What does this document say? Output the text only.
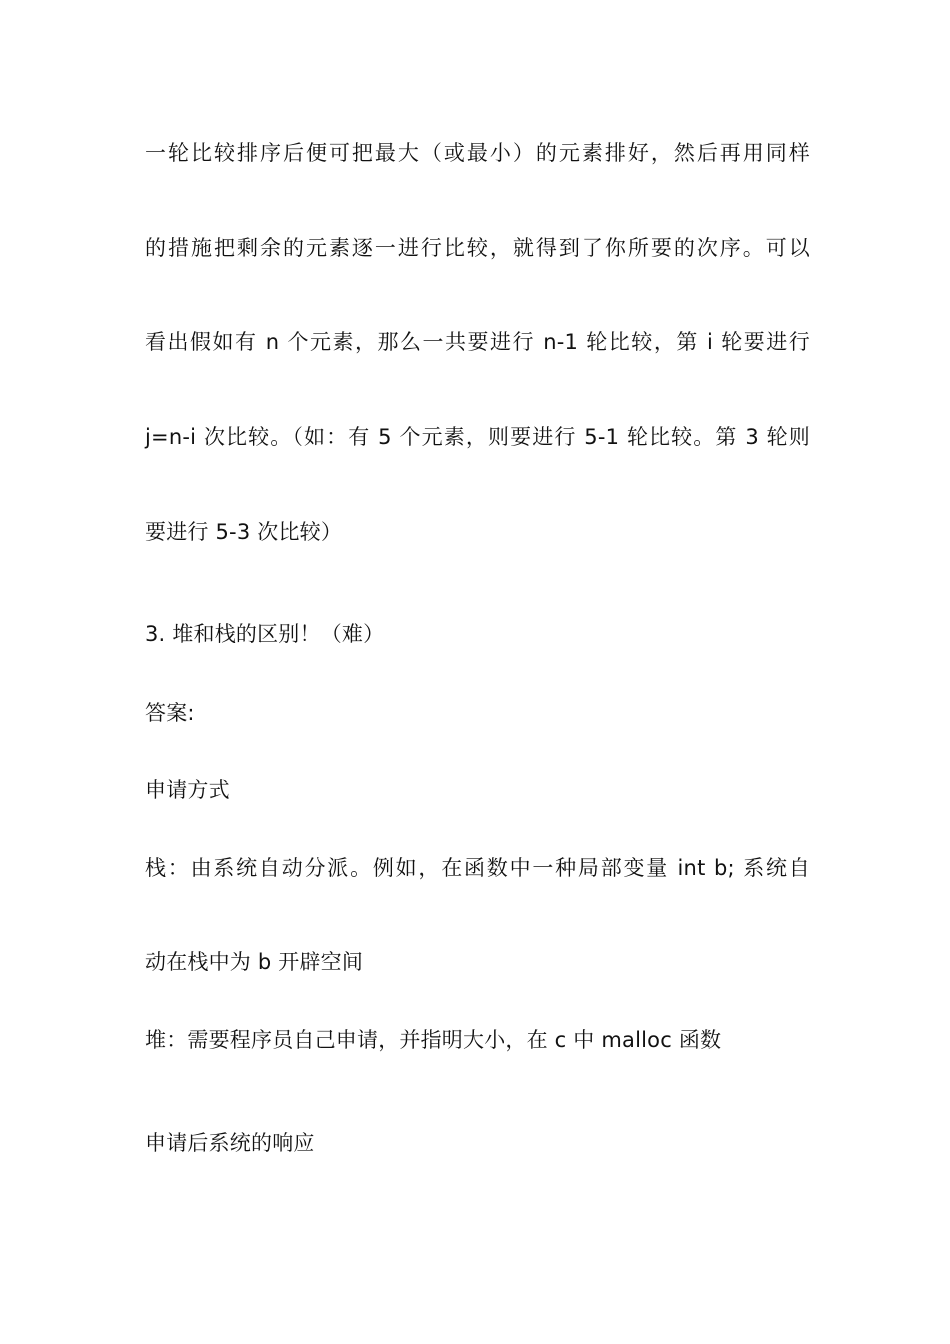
一轮比较排序后便可把最大（或最小）的元素排好，然后再用同样
的措施把剩余的元素逐一进行比较，就得到了你所要的次序。可以
看出假如有 n 个元素，那么一共要进行 n-1 轮比较，第 i 轮要进行
j=n-i 次比较。（如：有 5 个元素，则要进行 5-1 轮比较。第 3 轮则
要进行 5-3 次比较）
3. 堆和栈的区别！（难）
答案:
申请方式
栈：由系统自动分派。例如，在函数中一种局部变量 int b; 系统自
动在栈中为 b 开辟空间
堆：需要程序员自己申请，并指明大小，在 c 中 malloc 函数
申请后系统的响应
